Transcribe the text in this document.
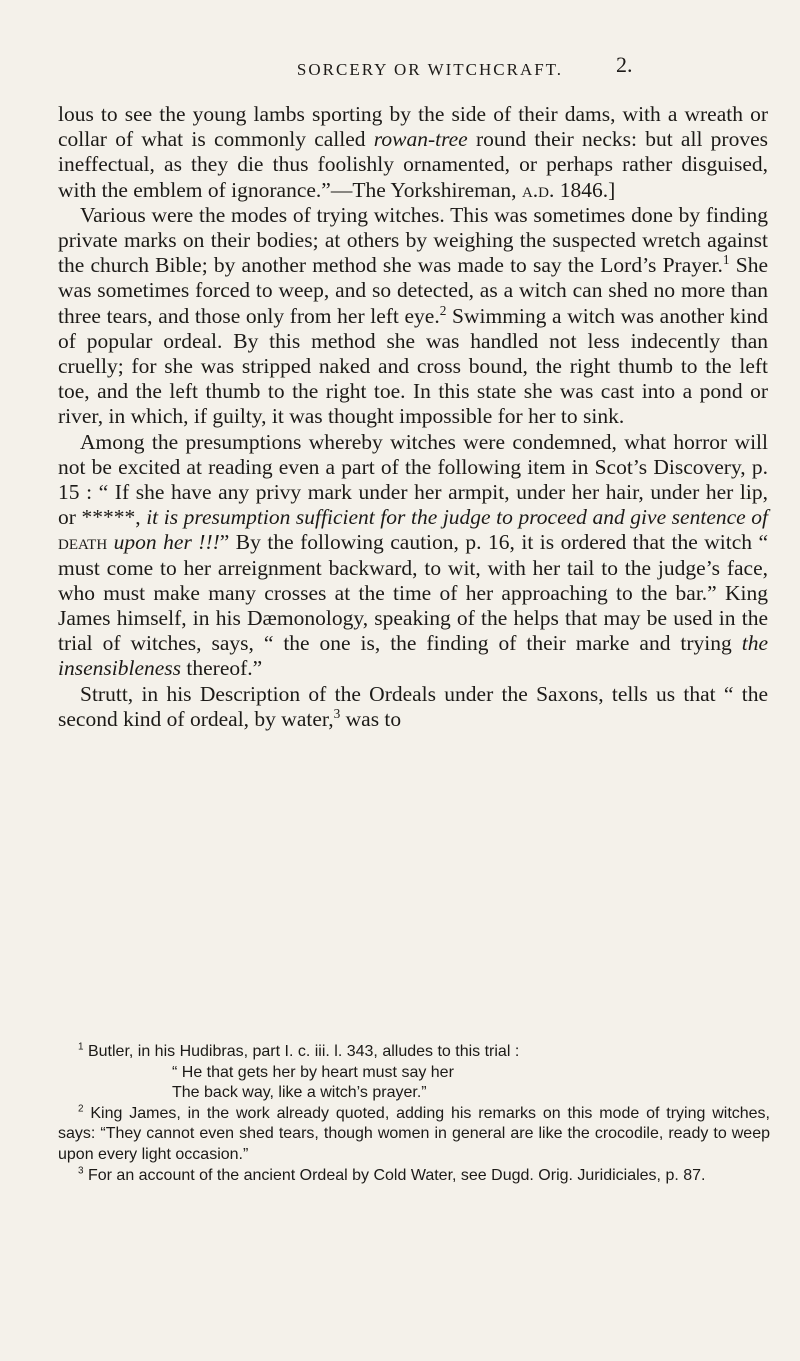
SORCERY OR WITCHCRAFT.	2.

lous to see the young lambs sporting by the side of their dams, with a wreath or collar of what is commonly called rowan-tree round their necks: but all proves ineffectual, as they die thus foolishly ornamented, or perhaps rather disguised, with the emblem of ignorance.”—The Yorkshireman, a.d. 1846.]

Various were the modes of trying witches. This was sometimes done by finding private marks on their bodies; at others by weighing the suspected wretch against the church Bible; by another method she was made to say the Lord’s Prayer.$^1$ She was sometimes forced to weep, and so detected, as a witch can shed no more than three tears, and those only from her left eye.$^2$ Swimming a witch was another kind of popular ordeal. By this method she was handled not less indecently than cruelly; for she was stripped naked and cross bound, the right thumb to the left toe, and the left thumb to the right toe. In this state she was cast into a pond or river, in which, if guilty, it was thought impossible for her to sink.

Among the presumptions whereby witches were condemned, what horror will not be excited at reading even a part of the following item in Scot’s Discovery, p. 15 : “ If she have any privy mark under her armpit, under her hair, under her lip, or *****, it is presumption sufficient for the judge to proceed and give sentence of death upon her !!!” By the following caution, p. 16, it is ordered that the witch “ must come to her arreignment backward, to wit, with her tail to the judge’s face, who must make many crosses at the time of her approaching to the bar.” King James himself, in his Dæmonology, speaking of the helps that may be used in the trial of witches, says, “ the one is, the finding of their marke and trying the insensibleness thereof.”

Strutt, in his Description of the Ordeals under the Saxons, tells us that “ the second kind of ordeal, by water,$^3$ was to

$^1$ Butler, in his Hudibras, part I. c. iii. l. 343, alludes to this trial :

“ He that gets her by heart must say her

The back way, like a witch’s prayer.”

$^2$ King James, in the work already quoted, adding his remarks on this mode of trying witches, says: “They cannot even shed tears, though women in general are like the crocodile, ready to weep upon every light occasion.”

$^3$ For an account of the ancient Ordeal by Cold Water, see Dugd. Orig. Juridiciales, p. 87.
